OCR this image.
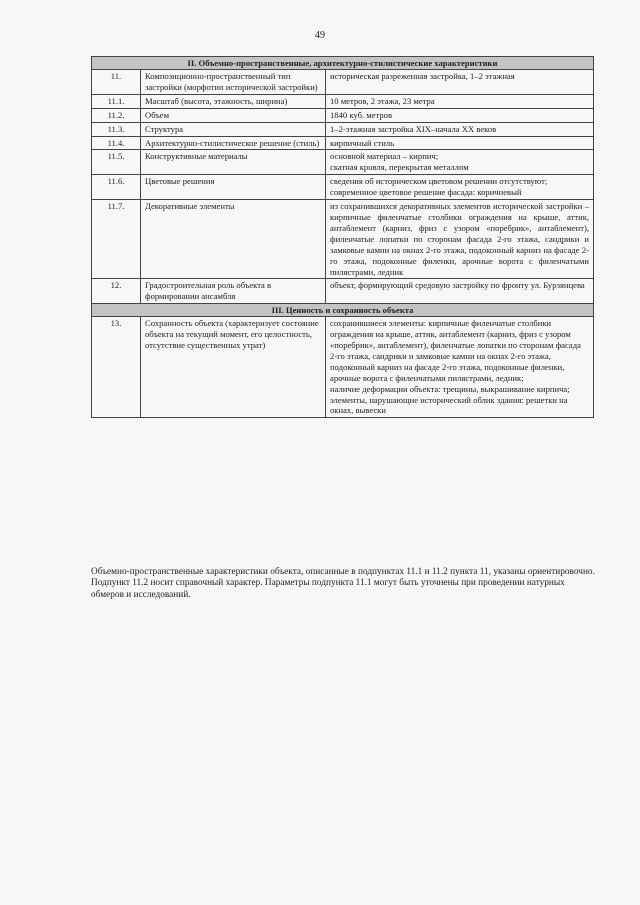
49
II. Объемно-пространственные, архитектурно-стилистические характеристики		
11.	Композиционно-пространственный тип застройки (морфотип исторической застройки)	историческая разреженная застройка, 1–2 этажная

11.1.	Масштаб (высота, этажность, ширина)	10 метров, 2 этажа, 23 метра

11.2.	Объем	1840 куб. метров

11.3.	Структура	1–2-этажная застройка XIX–начала XX веков

11.4.	Архитектурно-стилистическое решение (стиль)	кирпичный стиль

11.5.	Конструктивные материалы	основной материал – кирпич;
скатная кровля, перекрытая металлом

11.6.	Цветовые решения	сведения об историческом цветовом решении отсутствуют;
современное цветовое решение фасада: коричневый

11.7.	Декоративные элементы	из сохранившихся декоративных элементов исторической застройки – кирпичные филенчатые столбики ограждения на крыше, аттик, антаблемент (карниз, фриз с узором «поребрик», антаблемент), филенчатые лопатки по сторонам фасада 2-го этажа, сандрики и замковые камни на окнах 2-го этажа, подоконный карниз на фасаде 2-го этажа, подоконные филенки, арочные ворота с филенчатыми пилястрами, ледник

12.	Градостроительная роль объекта в формировании ансамбля	объект, формирующий средовую застройку по фронту ул. Бурзянцева

III. Ценность и сохранность объекта		
13.	Сохранность объекта (характеризует состояние объекта на текущий момент, его целостность, отсутствие существенных утрат)	сохранившиеся элементы: кирпичные филенчатые столбики ограждения на крыше, аттик, антаблемент (карниз, фриз с узором «поребрик», антаблемент), филенчатые лопатки по сторонам фасада 2-го этажа, сандрики и замковые камни на окнах 2-го этажа, подоконный карниз на фасаде 2-го этажа, подоконные филенки, арочные ворота с филенчатыми пилястрами, ледник;
наличие деформации объекта: трещины, выкрашивание кирпича;
элементы, нарушающие исторический облик здания: решетки на окнах, вывески
Объемно-пространственные характеристики объекта, описанные в подпунктах 11.1 и 11.2 пункта 11, указаны ориентировочно. Подпункт 11.2 носит справочный характер. Параметры подпункта 11.1 могут быть уточнены при проведении натурных обмеров и исследований.
